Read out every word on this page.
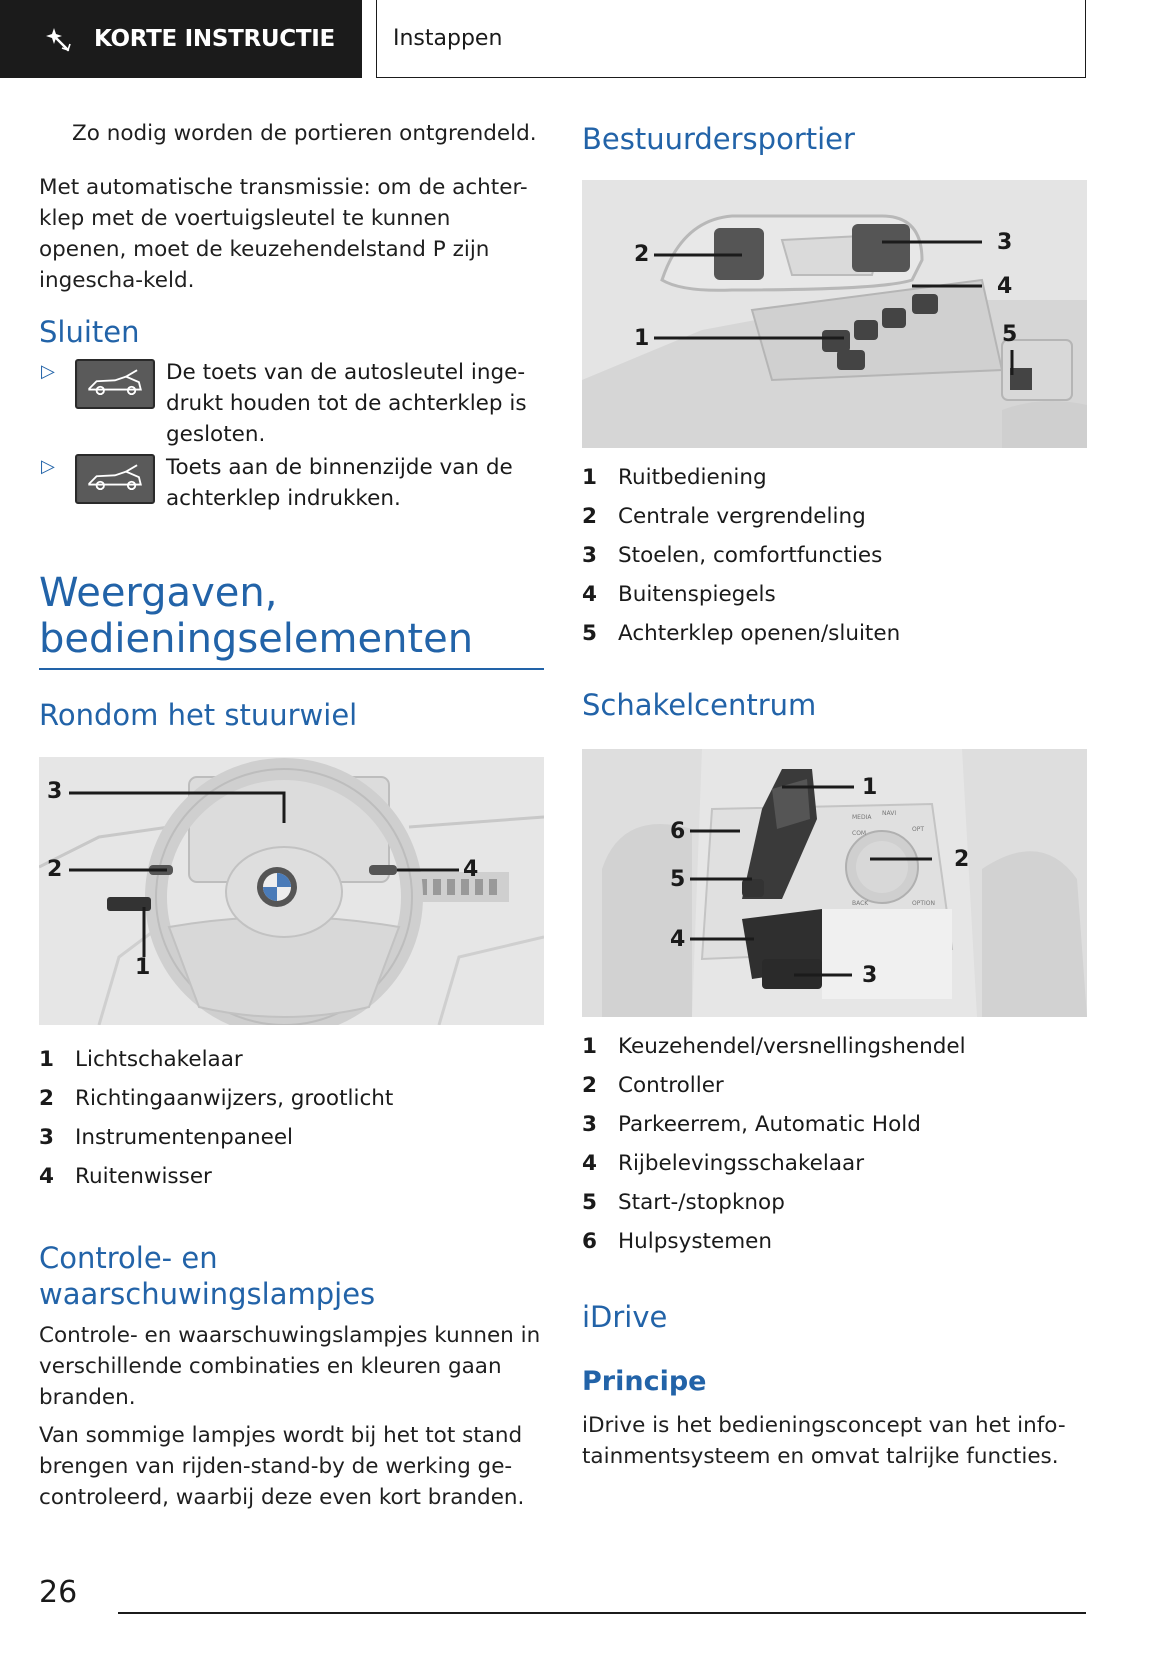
KORTE INSTRUCTIE	Instappen
Zo nodig worden de portieren ontgrendeld.
Met automatische transmissie: om de achter-klep met de voertuigsleutel te kunnen openen, moet de keuzehendelstand P zijn ingescha-keld.
Sluiten
▷	De toets van de autosleutel inge-drukt houden tot de achterklep is gesloten.
▷	Toets aan de binnenzijde van de achterklep indrukken.
Weergaven, bedieningselementen
Rondom het stuurwiel
1
2
3
4
1 Lichtschakelaar
2 Richtingaanwijzers, grootlicht
3 Instrumentenpaneel
4 Ruitenwisser
Controle- en waarschuwingslampjes
Controle- en waarschuwingslampjes kunnen in verschillende combinaties en kleuren gaan branden.
Van sommige lampjes wordt bij het tot stand brengen van rijden-stand-by de werking ge-controleerd, waarbij deze even kort branden.
Bestuurdersportier
1
2	3
4
5
1 Ruitbediening
2 Centrale vergrendeling
3 Stoelen, comfortfuncties
4 Buitenspiegels
5 Achterklep openen/sluiten
Schakelcentrum
MEDIA
NAVI
COM
OPT
BACK	OPTION
1
2
3
4
5
6
1 Keuzehendel/versnellingshendel
2 Controller
3 Parkeerrem, Automatic Hold
4 Rijbelevingsschakelaar
5 Start-/stopknop
6 Hulpsystemen
iDrive
Principe
iDrive is het bedieningsconcept van het info-tainmentsysteem en omvat talrijke functies.
26
